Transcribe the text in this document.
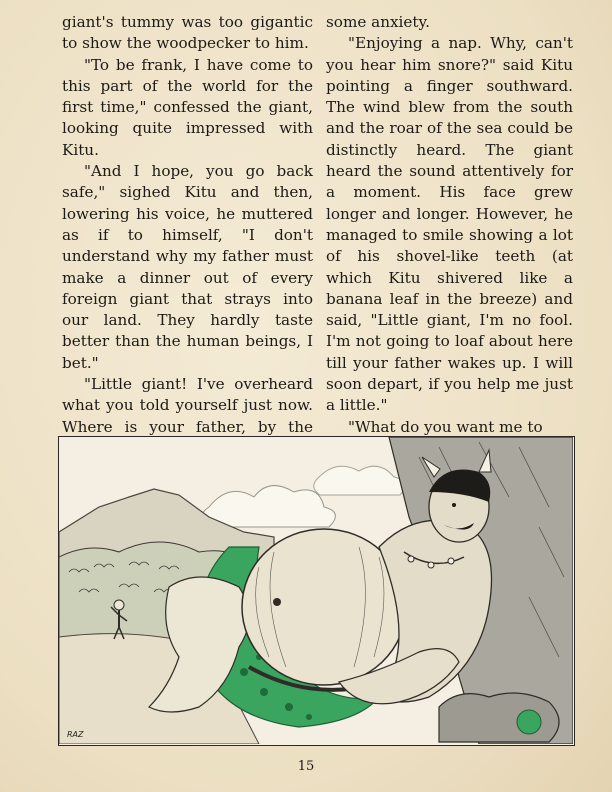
giant's tummy was too gigantic to show the woodpecker to him.

"To be frank, I have come to this part of the world for the first time," confessed the giant, looking quite impressed with Kitu.

"And I hope, you go back safe," sighed Kitu and then, lowering his voice, he muttered as if to himself, "I don't understand why my father must make a dinner out of every foreign giant that strays into our land. They hardly taste better than the human beings, I bet."

"Little giant! I've overheard what you told yourself just now. Where is your father, by the

some anxiety.

"Enjoying a nap. Why, can't you hear him snore?" said Kitu pointing a finger southward. The wind blew from the south and the roar of the sea could be distinctly heard. The giant heard the sound attentively for a moment. His face grew longer and longer. However, he managed to smile showing a lot of his shovel-like teeth (at which Kitu shivered like a banana leaf in the breeze) and said, "Little giant, I'm no fool. I'm not going to loaf about here till your father wakes up. I will soon depart, if you help me just a little."

"What do you want me to

RAZ
15
